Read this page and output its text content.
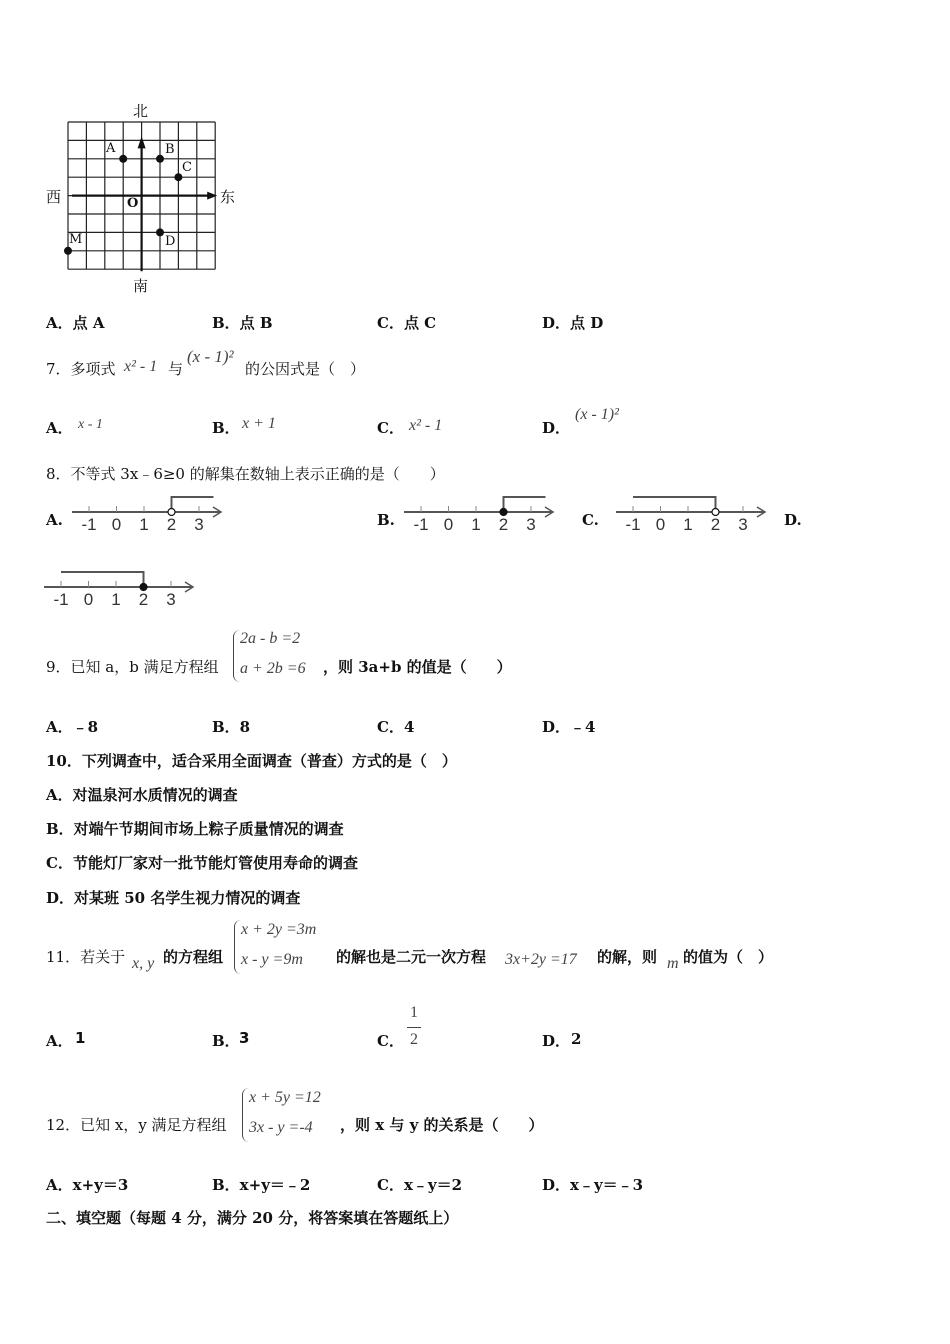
北
南
西	东
O
A	B
C
D
M
A．点 A	B．点 B	C．点 C	D．点 D
7．多项式 x² - 1 与
(x - 1)²
的公因式是（　）
A． x - 1	B． x + 1	C． x² - 1	D．
(x - 1)²
8．不等式 3x﹣6≥0 的解集在数轴上表示正确的是（　　）
A.	B.	C.	D.
-1 0 1 2 3	-1 0 1 2 3	-1 0 1 2 3
-1 0 1 2 3
9．已知 a，b 满足方程组
2a - b =2
a + 2b =6 ，则 3a+b 的值是（　　）
A．﹣8	B．8	C．4	D．﹣4
10．下列调查中，适合采用全面调查（普查）方式的是（　）
A．对温泉河水质情况的调查
B．对端午节期间市场上粽子质量情况的调查
C．节能灯厂家对一批节能灯管使用寿命的调查
D．对某班 50 名学生视力情况的调查
11．若关于 x, y 的方程组
x + 2y =3m
x - y =9m 的解也是二元一次方程 3x+2y =17 的解，则 m 的值为（　）
A． 1	B． 3	C．
1
2	D． 2
12．已知 x，y 满足方程组
x + 5y =12
3x - y =-4 ，则 x 与 y 的关系是（　　）
A．x+y＝3	B．x+y＝﹣2	C．x﹣y＝2	D．x﹣y＝﹣3
二、填空题（每题 4 分，满分 20 分，将答案填在答题纸上）
